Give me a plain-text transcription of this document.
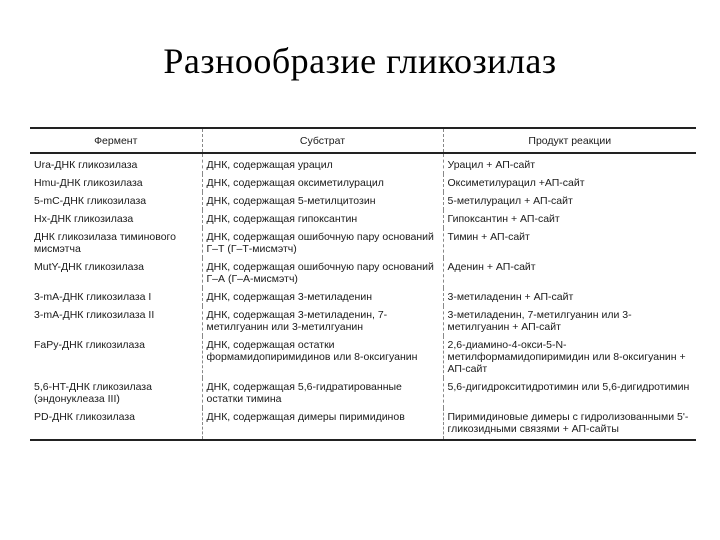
Разнообразие гликозилаз
Фермент	Субстрат	Продукт реакции
Ura-ДНК гликозилаза	ДНК, содержащая урацил	Урацил + АП-сайт
Hmu-ДНК гликозилаза	ДНК, содержащая оксиметилурацил	Оксиметилурацил +АП-сайт
5-mC-ДНК гликозилаза	ДНК, содержащая 5-метилцитозин	5-метилурацил + АП-сайт
Hx-ДНК гликозилаза	ДНК, содержащая гипоксантин	Гипоксантин + АП-сайт
ДНК гликозилаза тиминового мисмэтча	ДНК, содержащая ошибочную пару оснований Г–Т (Г–Т-мисмэтч)	Тимин + АП-сайт
MutY-ДНК гликозилаза	ДНК, содержащая ошибочную пару оснований Г–А (Г–А-мисмэтч)	Аденин + АП-сайт
3-mA-ДНК гликозилаза I	ДНК, содержащая 3-метиладенин	3-метиладенин + АП-сайт
3-mA-ДНК гликозилаза II	ДНК, содержащая 3-метиладенин, 7-метилгуанин или 3-метилгуанин	3-метиладенин, 7-метилгуанин или 3-метилгуанин + АП-сайт
FaPy-ДНК гликозилаза	ДНК, содержащая остатки формамидопиримидинов или 8-оксигуанин	2,6-диамино-4-окси-5-N-метилформамидопиримидин или 8-оксигуанин + АП-сайт
5,6-HT-ДНК гликозилаза (эндонуклеаза III)	ДНК, содержащая 5,6-гидратированные остатки тимина	5,6-дигидрокситидротимин или 5,6-дигидротимин
PD-ДНК гликозилаза	ДНК, содержащая димеры пиримидинов	Пиримидиновые димеры с гидролизованными 5'-гликозидными связями + АП-сайты
